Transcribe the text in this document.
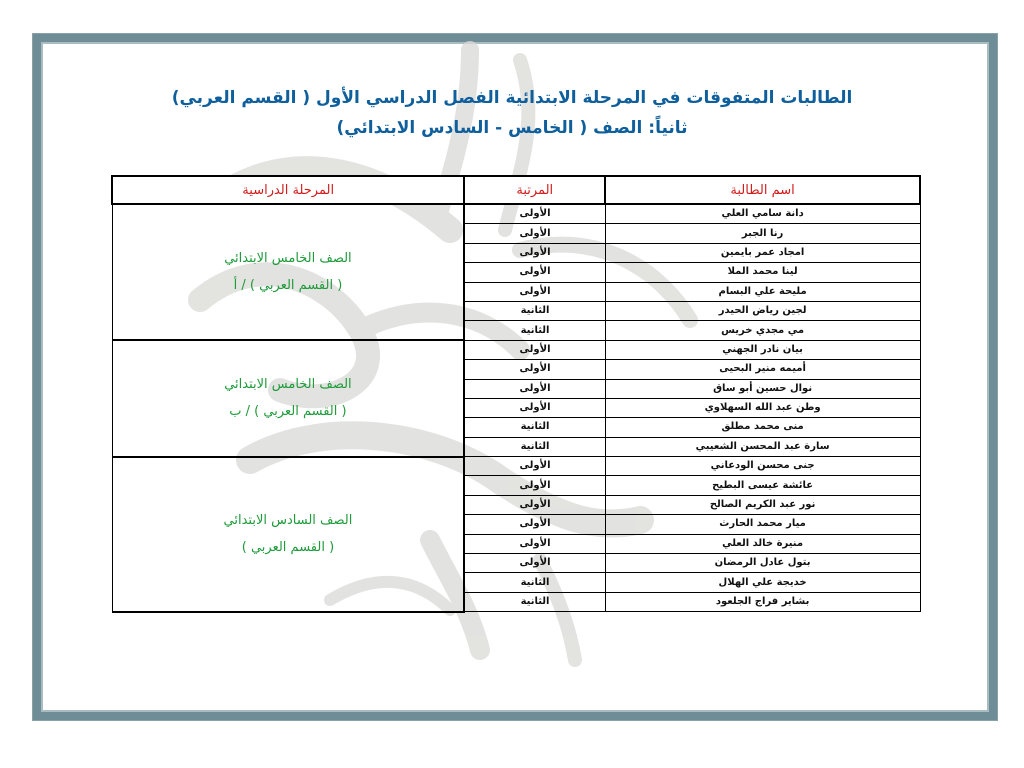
الطالبات المتفوقات في المرحلة الابتدائية الفصل الدراسي الأول ( القسم العربي)
ثانياً: الصف ( الخامس - السادس الابتدائي)
اسم الطالبة	المرتبة	المرحلة الدراسية
دانة سامي العلي	الأولى	الصف الخامس الابتدائي
( القسم العربي ) / أ

رنا الجبر	الأولى	
امجاد عمر بايمين	الأولى	
لينا محمد الملا	الأولى	
مليحة علي البسام	الأولى	
لجين رياض الحيدر	الثانية	
مي مجدي خريس	الثانية	
بيان نادر الجهني	الأولى	الصف الخامس الابتدائي
( القسم العربي ) / ب

أميمه منير البحيى	الأولى	
نوال حسين أبو ساق	الأولى	
وطن عبد الله السهلاوي	الأولى	
منى محمد مطلق	الثانية	
سارة عبد المحسن الشعيبي	الثانية	
جنى محسن الودعاني	الأولى	الصف السادس الابتدائي
( القسم العربي )

عائشة عيسى البطيح	الأولى	
نور عبد الكريم الصالح	الأولى	
ميار محمد الحارث	الأولى	
منيرة خالد العلي	الأولى	
بتول عادل الرمضان	الأولى	
خديجة علي الهلال	الثانية	
بشاير فراج الجلعود	الثانية	
